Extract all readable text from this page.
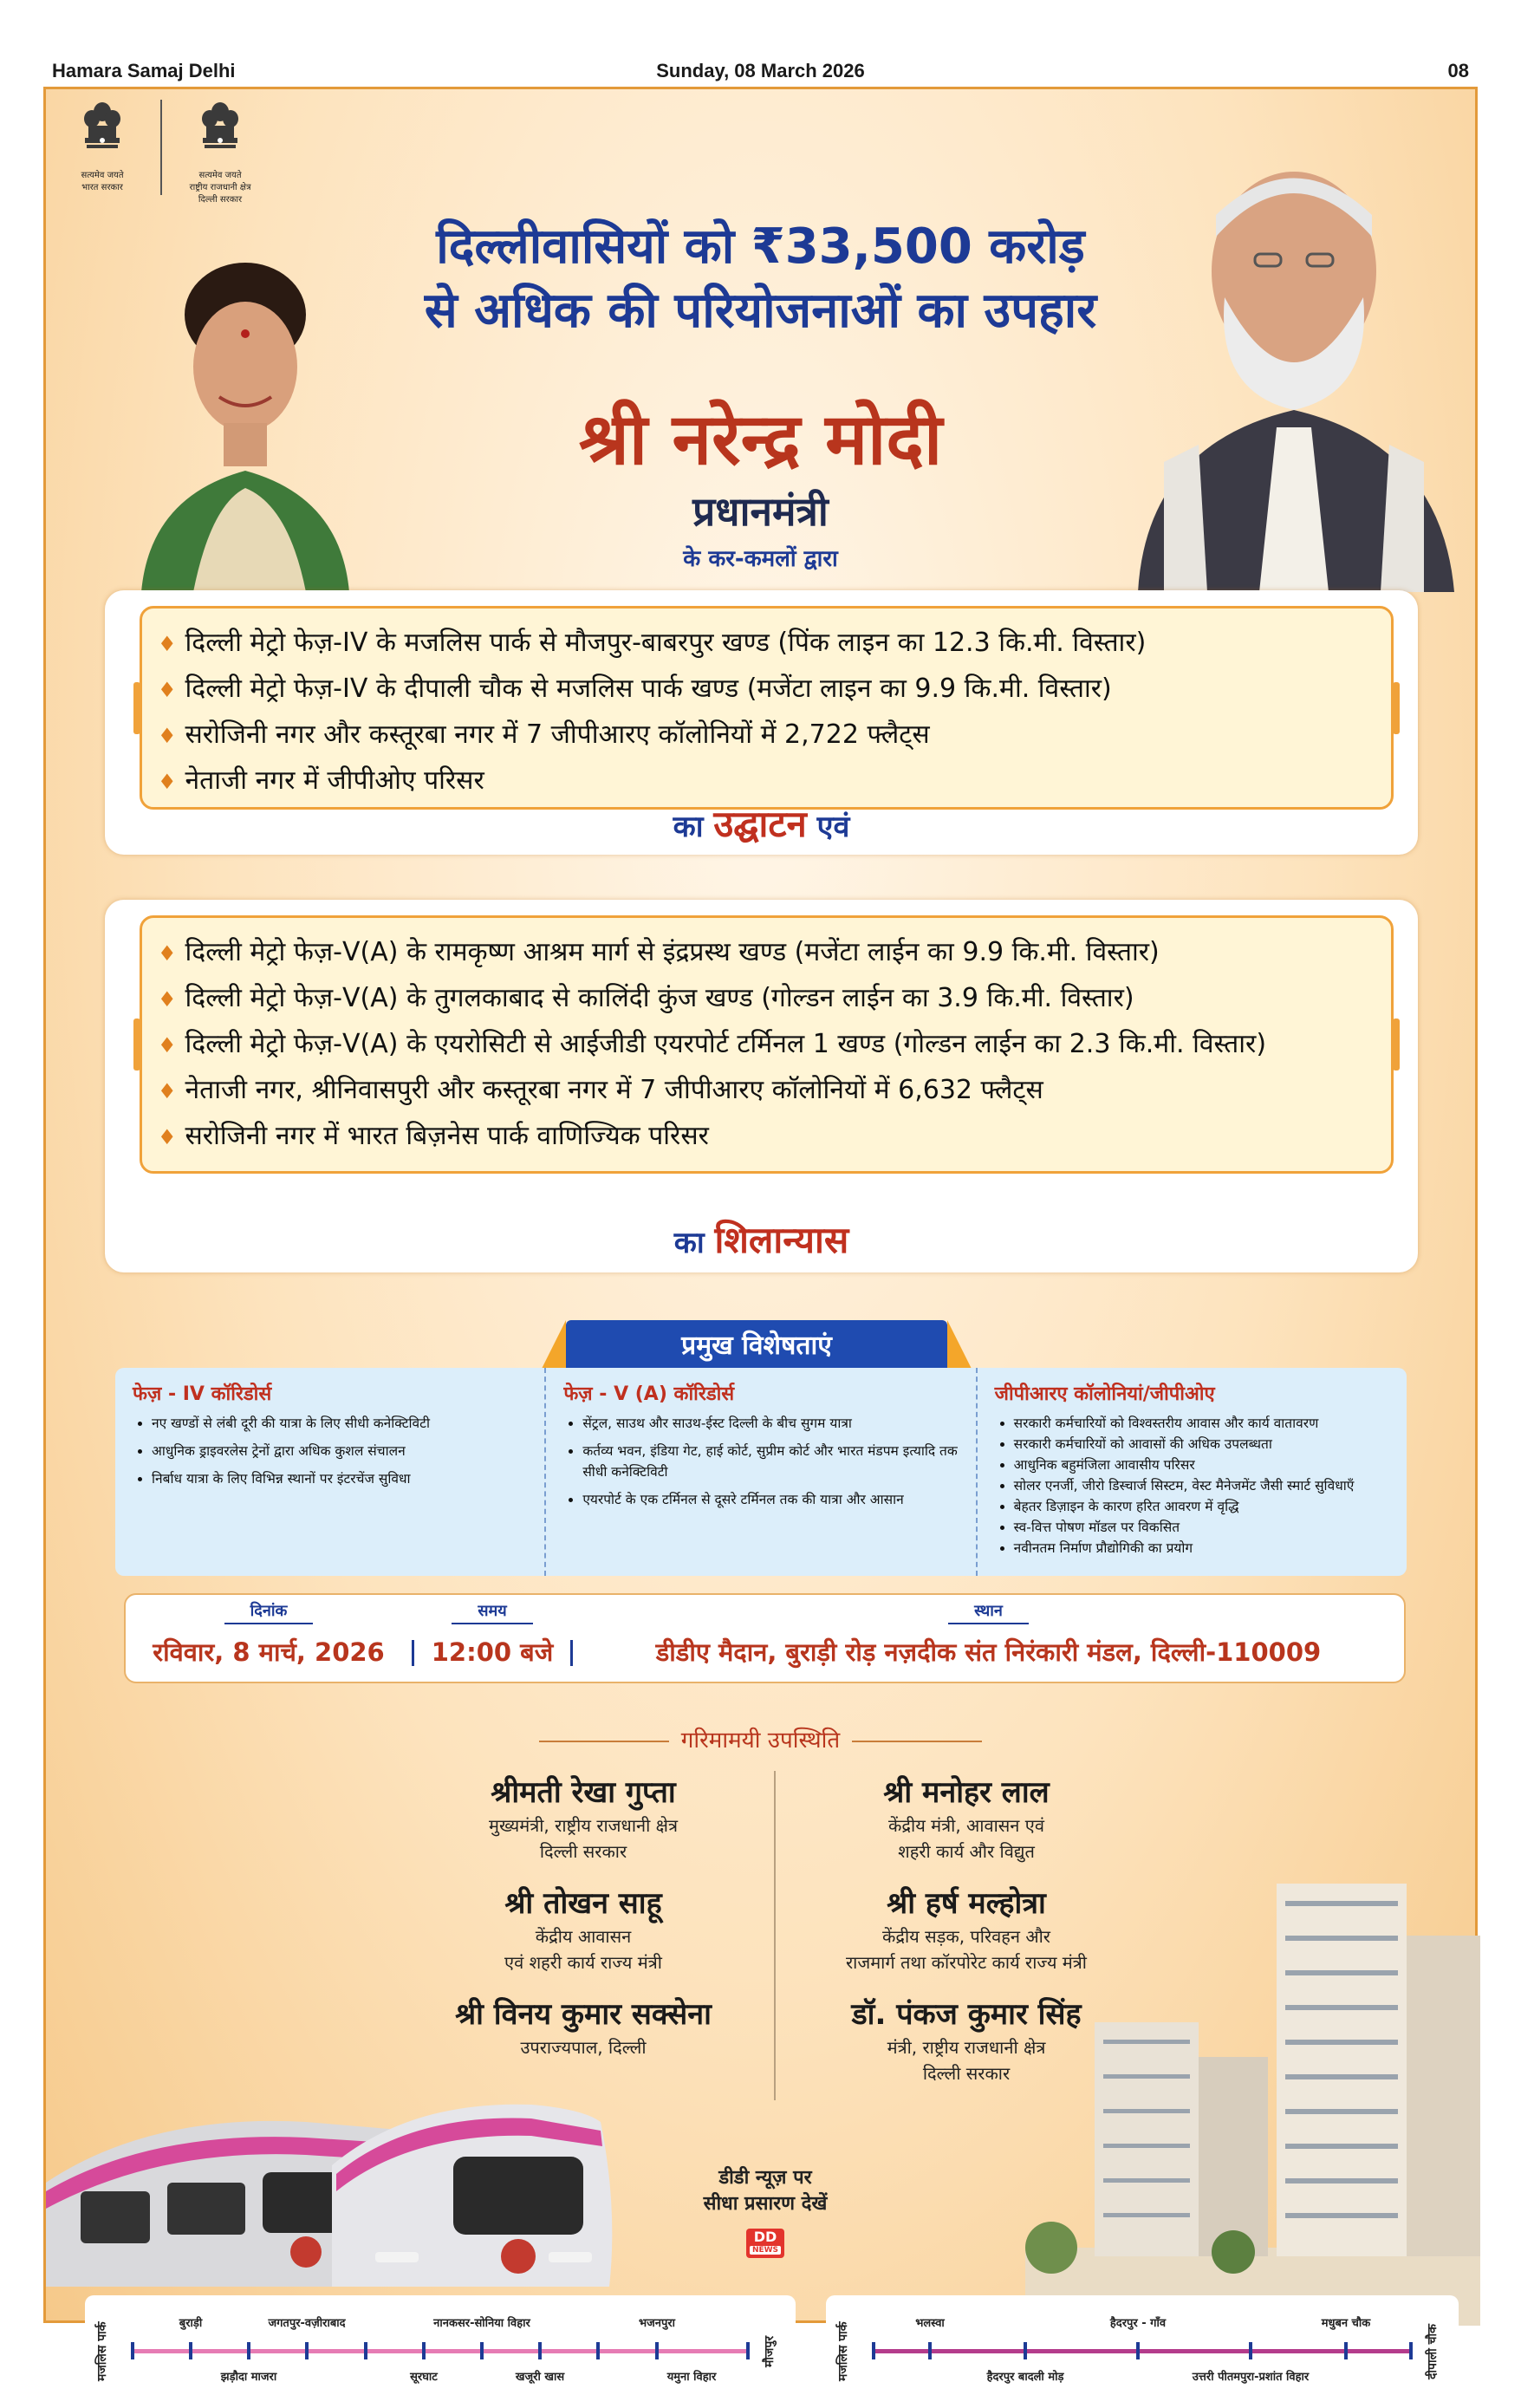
Hamara Samaj Delhi	Sunday, 08 March 2026	08
सत्यमेव जयते
भारत सरकार
सत्यमेव जयते
राष्ट्रीय राजधानी क्षेत्र
दिल्ली सरकार
दिल्लीवासियों को ₹33,500 करोड़
से अधिक की परियोजनाओं का उपहार
श्री नरेन्द्र मोदी
प्रधानमंत्री
के कर-कमलों द्वारा
♦ दिल्ली मेट्रो फेज़-IV के मजलिस पार्क से मौजपुर-बाबरपुर खण्ड (पिंक लाइन का 12.3 कि.मी. विस्तार)
♦ दिल्ली मेट्रो फेज़-IV के दीपाली चौक से मजलिस पार्क खण्ड (मजेंटा लाइन का 9.9 कि.मी. विस्तार)
♦ सरोजिनी नगर और कस्तूरबा नगर में 7 जीपीआरए कॉलोनियों में 2,722 फ्लैट्स
♦ नेताजी नगर में जीपीओए परिसर
का उद्घाटन एवं
♦ दिल्ली मेट्रो फेज़-V(A) के रामकृष्ण आश्रम मार्ग से इंद्रप्रस्थ खण्ड (मजेंटा लाईन का 9.9 कि.मी. विस्तार)
♦ दिल्ली मेट्रो फेज़-V(A) के तुगलकाबाद से कालिंदी कुंज खण्ड (गोल्डन लाईन का 3.9 कि.मी. विस्तार)
♦ दिल्ली मेट्रो फेज़-V(A) के एयरोसिटी से आईजीडी एयरपोर्ट टर्मिनल 1 खण्ड (गोल्डन लाईन का 2.3 कि.मी. विस्तार)
♦ नेताजी नगर, श्रीनिवासपुरी और कस्तूरबा नगर में 7 जीपीआरए कॉलोनियों में 6,632 फ्लैट्स
♦ सरोजिनी नगर में भारत बिज़नेस पार्क वाणिज्यिक परिसर
का शिलान्यास
प्रमुख विशेषताएं
फेज़ - IV कॉरिडोर्स
• नए खण्डों से लंबी दूरी की यात्रा के लिए सीधी कनेक्टिविटी
• आधुनिक ड्राइवरलेस ट्रेनों द्वारा अधिक कुशल संचालन
• निर्बाध यात्रा के लिए विभिन्न स्थानों पर इंटरचेंज सुविधा
फेज़ - V (A) कॉरिडोर्स
• सेंट्रल, साउथ और साउथ-ईस्ट दिल्ली के बीच सुगम यात्रा
• कर्तव्य भवन, इंडिया गेट, हाई कोर्ट, सुप्रीम कोर्ट और भारत मंडपम इत्यादि तक सीधी कनेक्टिविटी
• एयरपोर्ट के एक टर्मिनल से दूसरे टर्मिनल तक की यात्रा और आसान
जीपीआरए कॉलोनियां/जीपीओए
• सरकारी कर्मचारियों को विश्वस्तरीय आवास और कार्य वातावरण
• सरकारी कर्मचारियों को आवासों की अधिक उपलब्धता
• आधुनिक बहुमंजिला आवासीय परिसर
• सोलर एनर्जी, जीरो डिस्चार्ज सिस्टम, वेस्ट मैनेजमेंट जैसी स्मार्ट सुविधाएँ
• बेहतर डिज़ाइन के कारण हरित आवरण में वृद्धि
• स्व-वित्त पोषण मॉडल पर विकसित
• नवीनतम निर्माण प्रौद्योगिकी का प्रयोग
दिनांक
रविवार, 8 मार्च, 2026
समय
12:00 बजे
स्थान
डीडीए मैदान, बुराड़ी रोड़ नज़दीक संत निरंकारी मंडल, दिल्ली-110009
गरिमामयी उपस्थिति
श्रीमती रेखा गुप्ता
मुख्यमंत्री, राष्ट्रीय राजधानी क्षेत्र
दिल्ली सरकार
श्री मनोहर लाल
केंद्रीय मंत्री, आवासन एवं
शहरी कार्य और विद्युत
श्री तोखन साहू
केंद्रीय आवासन
एवं शहरी कार्य राज्य मंत्री
श्री हर्ष मल्होत्रा
केंद्रीय सड़क, परिवहन और
राजमार्ग तथा कॉरपोरेट कार्य राज्य मंत्री
श्री विनय कुमार सक्सेना
उपराज्यपाल, दिल्ली
डॉ. पंकज कुमार सिंह
मंत्री, राष्ट्रीय राजधानी क्षेत्र
दिल्ली सरकार
डीडी न्यूज़ पर
सीधा प्रसारण देखें
DD
NEWS
मजलिस पार्क	मौजपुर
बुराड़ी	जगतपुर-वज़ीराबाद	नानकसर-सोनिया विहार	भजनपुरा
झड़ौदा माजरा	सूरघाट	खजूरी खास	यमुना विहार	मजलिस पार्क	दीपाली चौक
भलस्वा	हैदरपुर - गाँव	मधुबन चौक
हैदरपुर बादली मोड़	उत्तरी पीतमपुरा-प्रशांत विहार
